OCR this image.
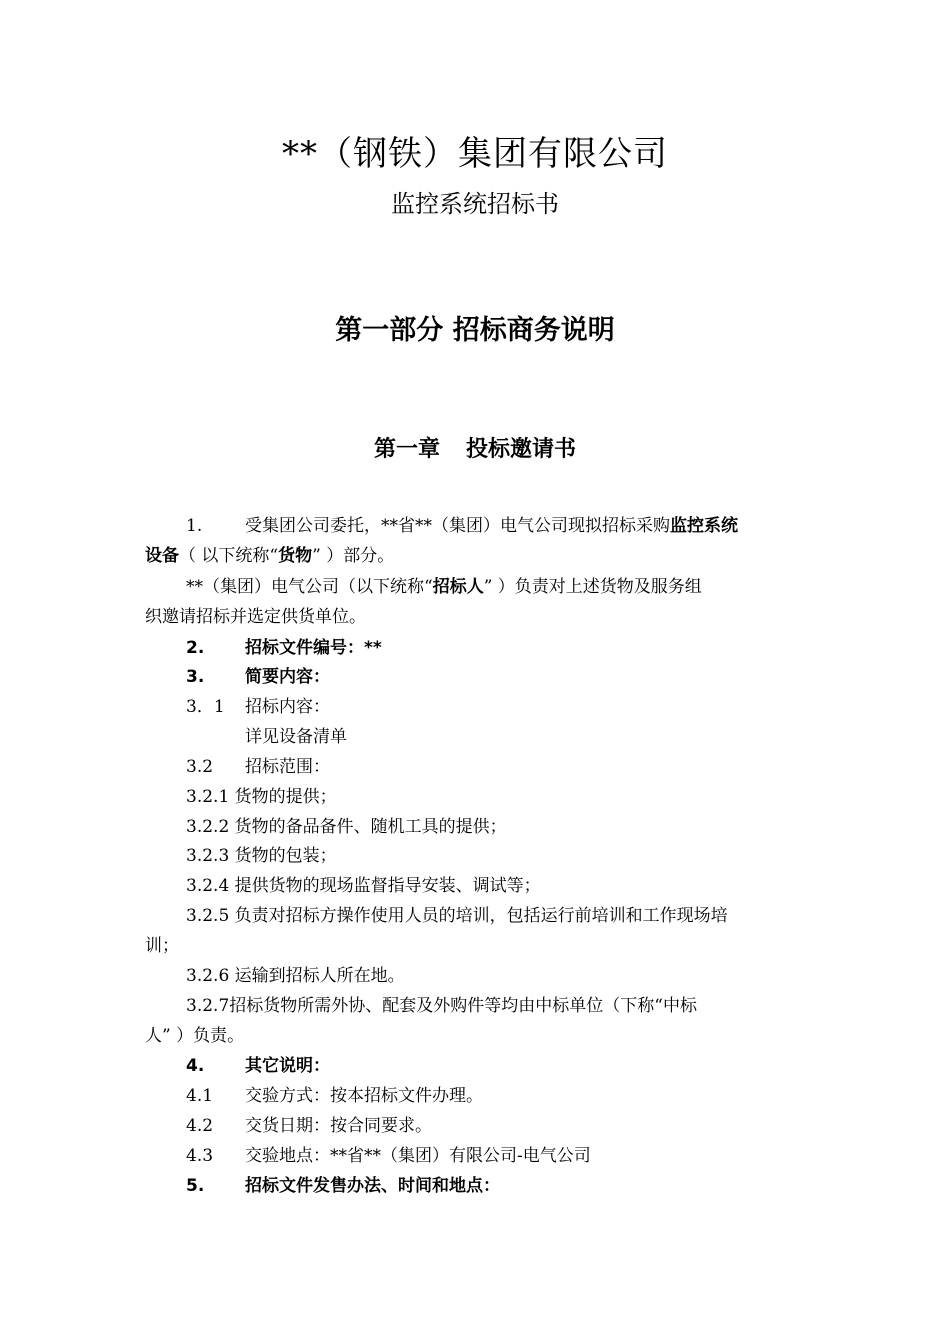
**（钢铁）集团有限公司
监控系统招标书
第一部分 招标商务说明
第一章 投标邀请书
1.	受集团公司委托，**省**（集团）电气公司现拟招标采购监控系统
设备（ 以下统称“货物” ）部分。
**（集团）电气公司（以下统称“招标人” ）负责对上述货物及服务组
织邀请招标并选定供货单位。
2. 招标文件编号：**
3. 简要内容：
3．1 招标内容：
详见设备清单
3.2 招标范围：
3.2.1 货物的提供；
3.2.2 货物的备品备件、随机工具的提供；
3.2.3 货物的包装；
3.2.4 提供货物的现场监督指导安装、调试等；
3.2.5 负责对招标方操作使用人员的培训，包括运行前培训和工作现场培
训；
3.2.6 运输到招标人所在地。
3.2.7招标货物所需外协、配套及外购件等均由中标单位（下称“中标
人” ）负责。
4. 其它说明：
4.1 交验方式：按本招标文件办理。
4.2 交货日期：按合同要求。
4.3 交验地点：**省**（集团）有限公司-电气公司
5. 招标文件发售办法、时间和地点：
